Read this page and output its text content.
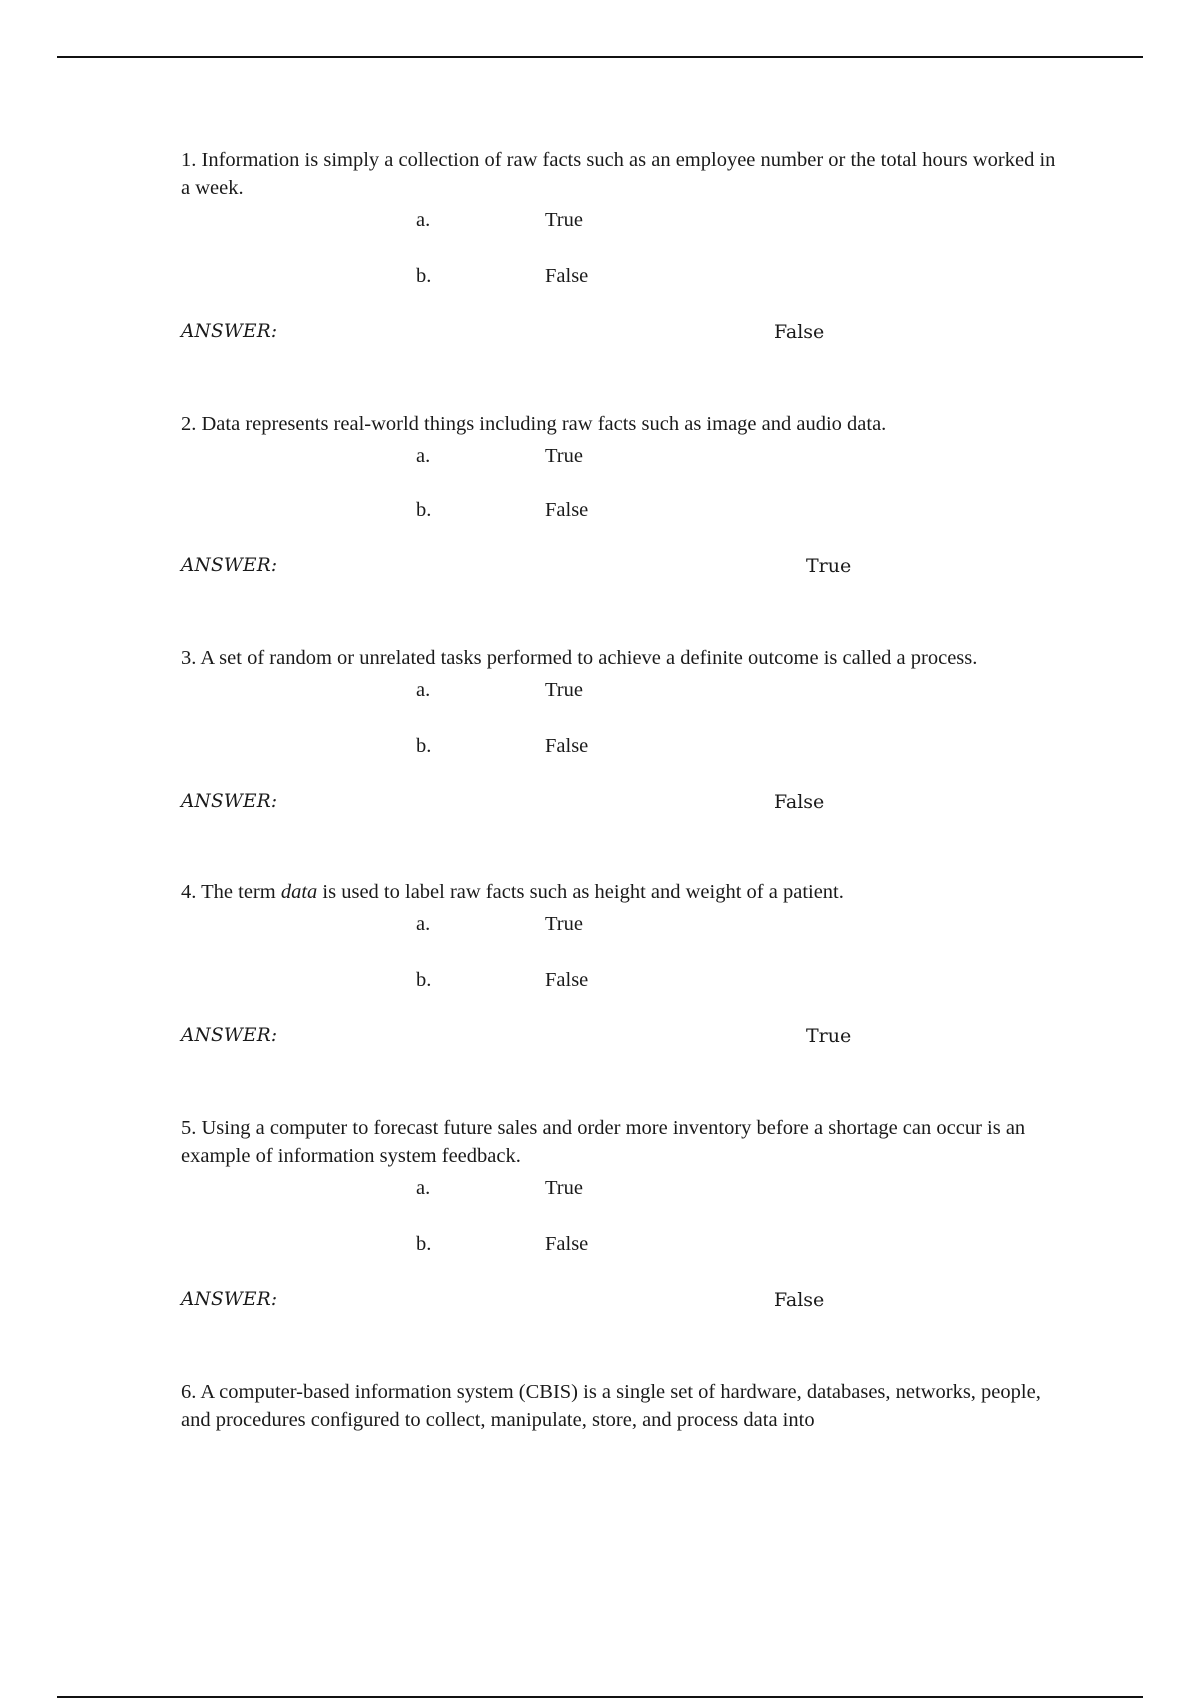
1. Information is simply a collection of raw facts such as an employee number or the total hours worked in a week.
a.	True
b.	False
ANSWER:	False
2. Data represents real-world things including raw facts such as image and audio data.
a.	True
b.	False
ANSWER:	True
3. A set of random or unrelated tasks performed to achieve a definite outcome is called a process.
a.	True
b.	False
ANSWER:	False
4. The term data is used to label raw facts such as height and weight of a patient.
a.	True
b.	False
ANSWER:	True
5. Using a computer to forecast future sales and order more inventory before a shortage can occur is an example of information system feedback.
a.	True
b.	False
ANSWER:	False
6. A computer-based information system (CBIS) is a single set of hardware, databases, networks, people, and procedures configured to collect, manipulate, store, and process data into
